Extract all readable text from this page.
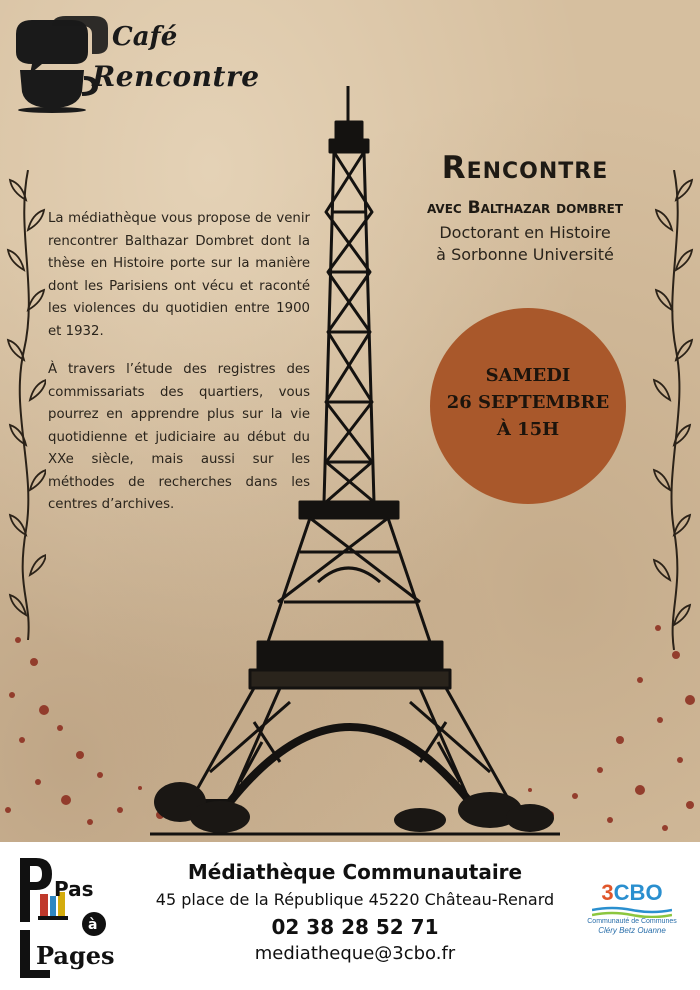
Café
Rencontre
Rencontre
avec Balthazar dombret
Doctorant en Histoire
à Sorbonne Université

La médiathèque vous propose de venir rencontrer Balthazar Dombret dont la thèse en Histoire porte sur la manière dont les Parisiens ont vécu et raconté les violences du quotidien entre 1900 et 1932.

À travers l’étude des registres des commissariats des quartiers, vous pourrez en apprendre plus sur la vie quotidienne et judiciaire au début du XXe siècle, mais aussi sur les méthodes de recherches dans les centres d’archives.

SAMEDI
26 SEPTEMBRE
À 15H
Pas
à
Pages
Médiathèque Communautaire
45 place de la République 45220 Château-Renard
02 38 28 52 71
mediatheque@3cbo.fr
3CBO
Communauté de Communes
Cléry Betz Ouanne
